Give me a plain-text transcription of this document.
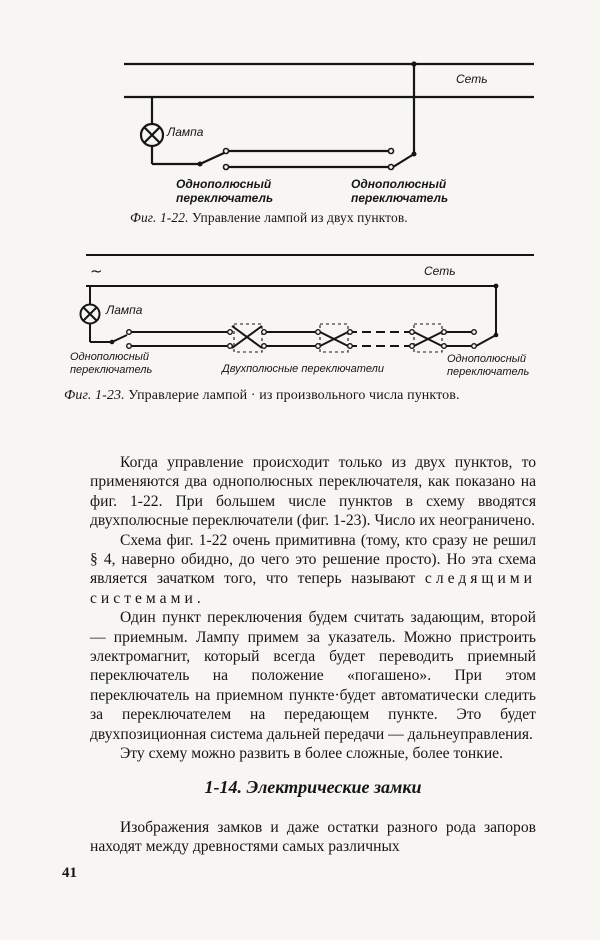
Сеть
Лампа
Однополюсный
переключатель
Однополюсный
переключатель
Фиг. 1-22. Управление лампой из двух пунктов.
~	Сеть
Лампа
Однополюсный
переключатель	Двухполюсные переключатели
Однополюсный
переключатель
Фиг. 1-23. Управлерие лампой · из произвольного числа пунктов.

Когда управление происходит только из двух пунктов, то применяются два однополюсных переключателя, как показано на фиг. 1-22. При большем числе пунктов в схему вводятся двухполюсные переключатели (фиг. 1-23). Число их неограничено.

Схема фиг. 1-22 очень примитивна (тому, кто сразу не решил § 4, наверно обидно, до чего это решение просто). Но эта схема является зачатком того, что теперь называют следящими системами.

Один пункт переключения будем считать задающим, второй — приемным. Лампу примем за указатель. Можно пристроить электромагнит, который всегда будет переводить приемный переключатель на положение «погашено». При этом переключатель на приемном пункте·будет автоматически следить за переключателем на передающем пункте. Это будет двухпозиционная система дальней передачи — дальнеуправления.

Эту схему можно развить в более сложные, более тонкие.

1-14. Электрические замки

Изображения замков и даже остатки разного рода запоров находят между древностями самых различных

41
